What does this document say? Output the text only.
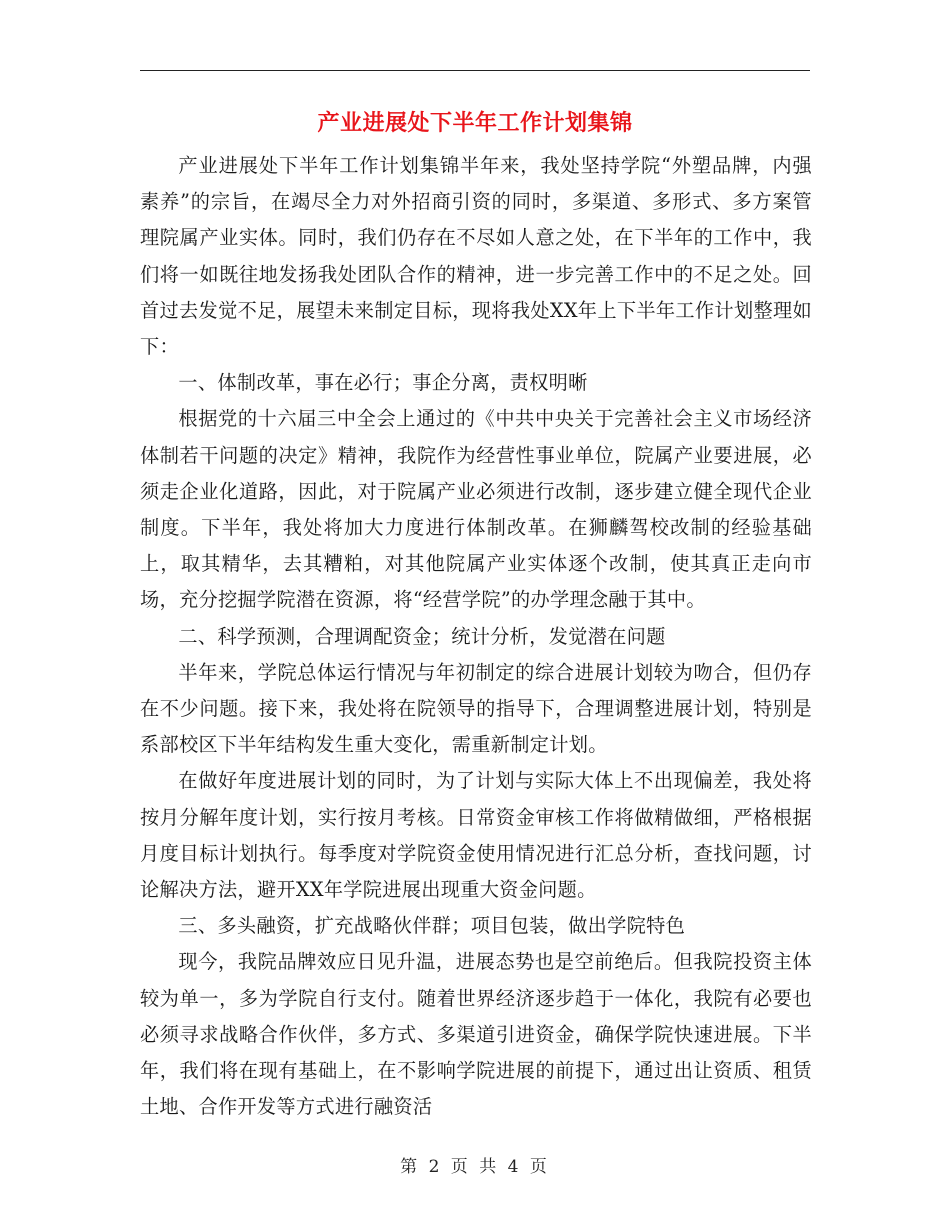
产业进展处下半年工作计划集锦

产业进展处下半年工作计划集锦半年来，我处坚持学院“外塑品牌，内强素养”的宗旨，在竭尽全力对外招商引资的同时，多渠道、多形式、多方案管理院属产业实体。同时，我们仍存在不尽如人意之处，在下半年的工作中，我们将一如既往地发扬我处团队合作的精神，进一步完善工作中的不足之处。回首过去发觉不足，展望未来制定目标，现将我处XX年上下半年工作计划整理如下：

一、体制改革，事在必行；事企分离，责权明晰

根据党的十六届三中全会上通过的《中共中央关于完善社会主义市场经济体制若干问题的决定》精神，我院作为经营性事业单位，院属产业要进展，必须走企业化道路，因此，对于院属产业必须进行改制，逐步建立健全现代企业制度。下半年，我处将加大力度进行体制改革。在狮麟驾校改制的经验基础上，取其精华，去其糟粕，对其他院属产业实体逐个改制，使其真正走向市场，充分挖掘学院潜在资源，将“经营学院”的办学理念融于其中。

二、科学预测，合理调配资金；统计分析，发觉潜在问题

半年来，学院总体运行情况与年初制定的综合进展计划较为吻合，但仍存在不少问题。接下来，我处将在院领导的指导下，合理调整进展计划，特别是系部校区下半年结构发生重大变化，需重新制定计划。

在做好年度进展计划的同时，为了计划与实际大体上不出现偏差，我处将按月分解年度计划，实行按月考核。日常资金审核工作将做精做细，严格根据月度目标计划执行。每季度对学院资金使用情况进行汇总分析，查找问题，讨论解决方法，避开XX年学院进展出现重大资金问题。

三、多头融资，扩充战略伙伴群；项目包装，做出学院特色

现今，我院品牌效应日见升温，进展态势也是空前绝后。但我院投资主体较为单一，多为学院自行支付。随着世界经济逐步趋于一体化，我院有必要也必须寻求战略合作伙伴，多方式、多渠道引进资金，确保学院快速进展。下半年，我们将在现有基础上，在不影响学院进展的前提下，通过出让资质、租赁土地、合作开发等方式进行融资活

第 2 页 共 4 页
